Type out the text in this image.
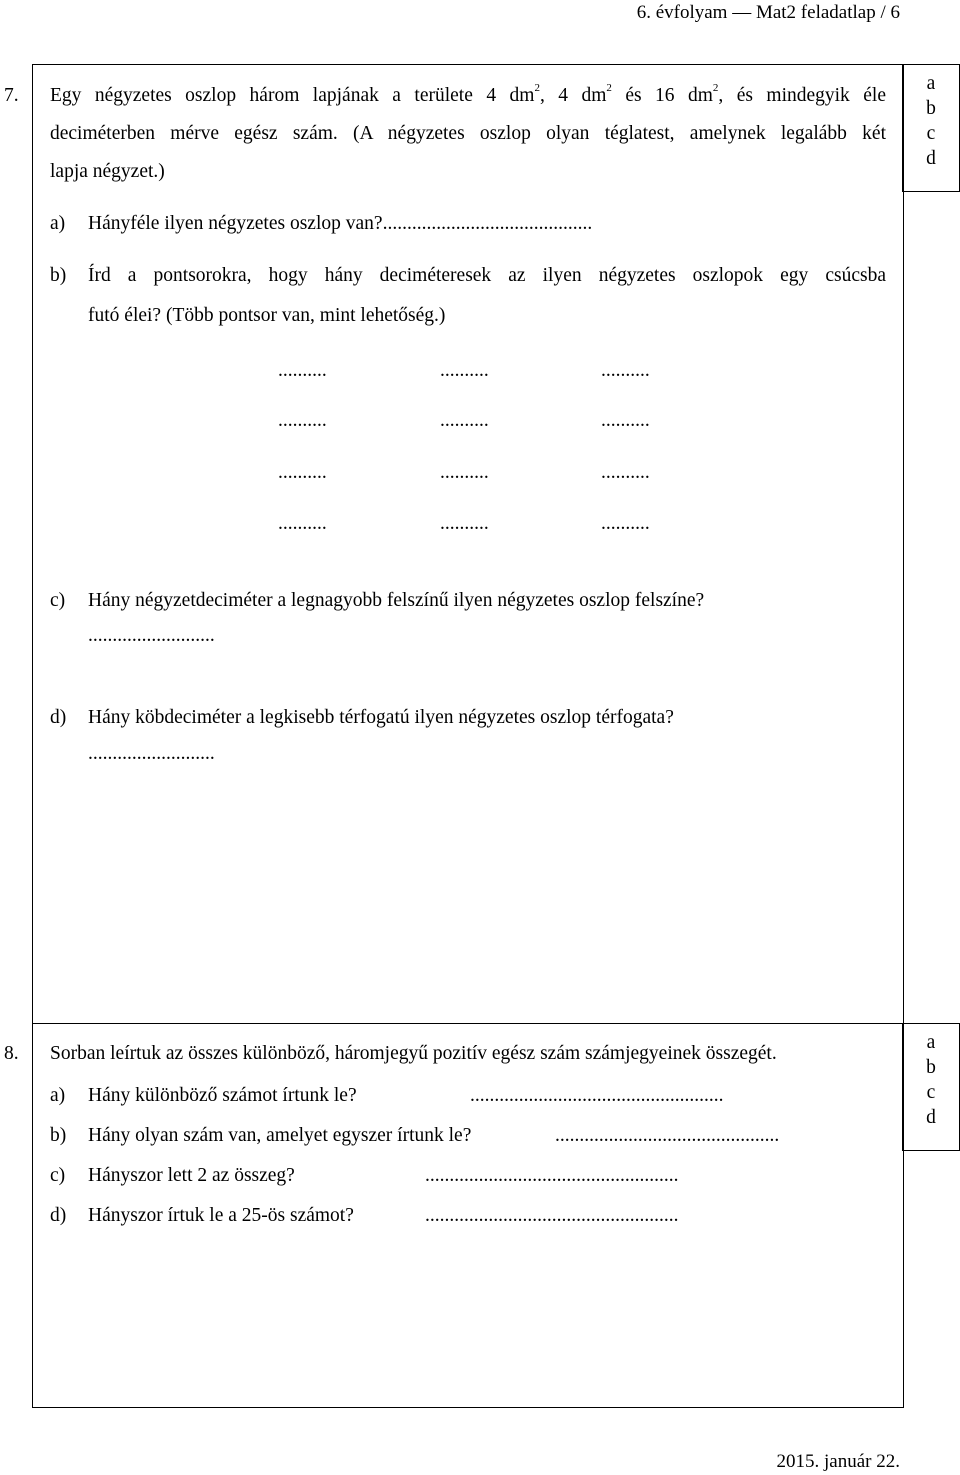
6. évfolyam — Mat2 feladatlap / 6
a
b
c
d
7. Egy négyzetes oszlop három lapjának a területe 4 $dm^2$, 4 $dm^2$ és 16 $dm^2$, és mindegyik éle
deciméterben mérve egész szám. (A négyzetes oszlop olyan téglatest, amelynek legalább két
lapja négyzet.)
a) Hányféle ilyen négyzetes oszlop van?...........................................
b) Írd a pontsorokra, hogy hány deciméteresek az ilyen négyzetes oszlopok egy csúcsba
futó élei? (Több pontsor van, mint lehetőség.)
..........	..........	..........
..........	..........	..........
..........	..........	..........
..........	..........	..........
c) Hány négyzetdeciméter a legnagyobb felszínű ilyen négyzetes oszlop felszíne?
..........................
d) Hány köbdeciméter a legkisebb térfogatú ilyen négyzetes oszlop térfogata?
..........................
a
b
c
d
8. Sorban leírtuk az összes különböző, háromjegyű pozitív egész szám számjegyeinek összegét.
a) Hány különböző számot írtunk le?	....................................................
b) Hány olyan szám van, amelyet egyszer írtunk le?	..............................................
c) Hányszor lett 2 az összeg?	....................................................
d) Hányszor írtuk le a 25-ös számot?	....................................................
2015. január 22.
